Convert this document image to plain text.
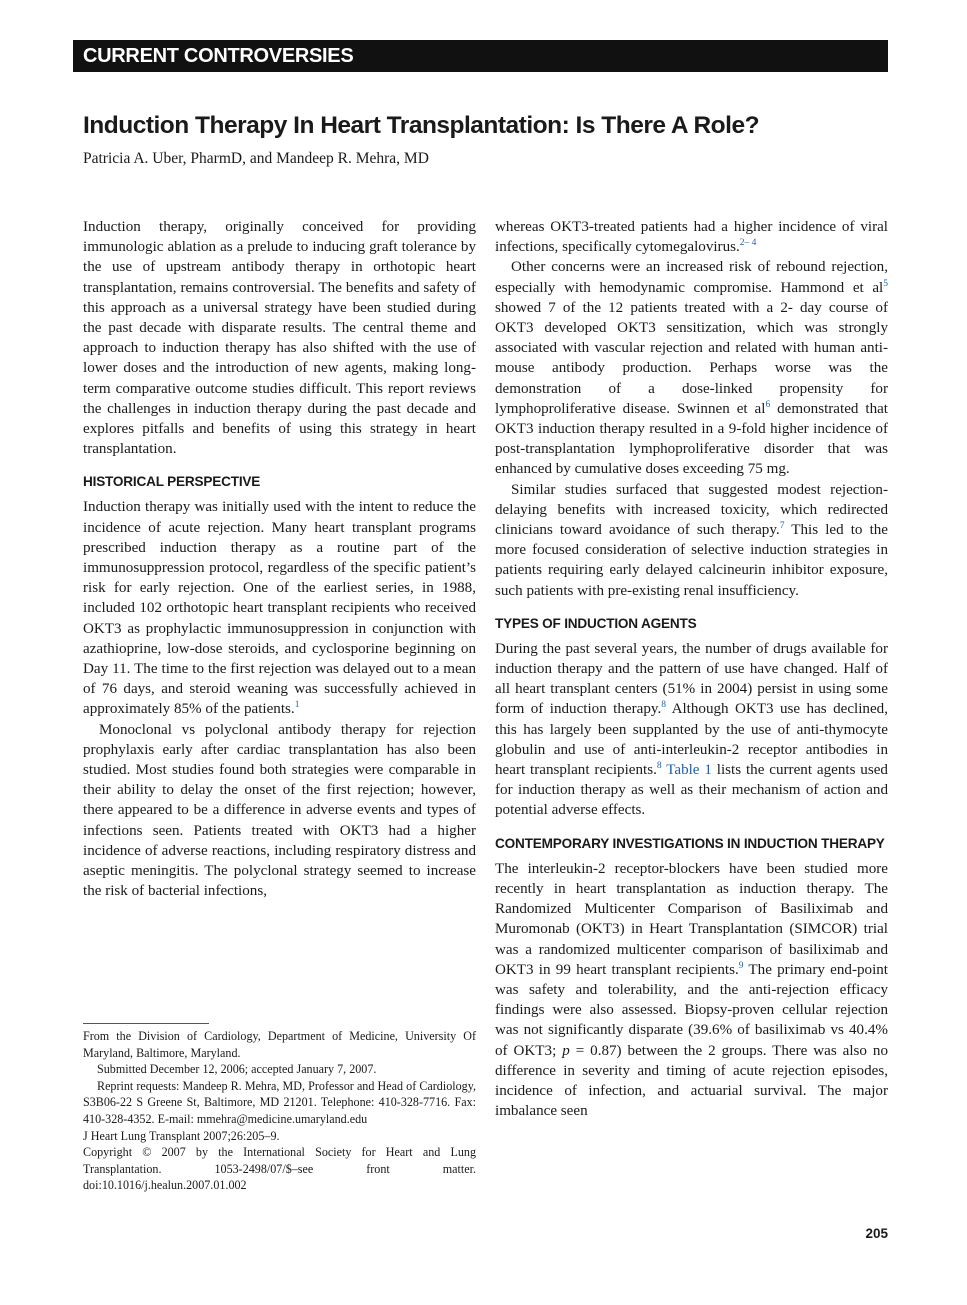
CURRENT CONTROVERSIES
Induction Therapy In Heart Transplantation: Is There A Role?

Patricia A. Uber, PharmD, and Mandeep R. Mehra, MD

Induction therapy, originally conceived for providing immunologic ablation as a prelude to inducing graft tolerance by the use of upstream antibody therapy in orthotopic heart transplantation, remains controversial. The benefits and safety of this approach as a universal strategy have been studied during the past decade with disparate results. The central theme and approach to induction therapy has also shifted with the use of lower doses and the introduction of new agents, making long-term comparative outcome studies difficult. This report reviews the challenges in induction therapy during the past decade and explores pitfalls and benefits of using this strategy in heart transplantation.

HISTORICAL PERSPECTIVE

Induction therapy was initially used with the intent to reduce the incidence of acute rejection. Many heart transplant programs prescribed induction therapy as a routine part of the immunosuppression protocol, regardless of the specific patient’s risk for early rejection. One of the earliest series, in 1988, included 102 orthotopic heart transplant recipients who received OKT3 as prophylactic immunosuppression in conjunction with azathioprine, low-dose steroids, and cyclosporine beginning on Day 11. The time to the first rejection was delayed out to a mean of 76 days, and steroid weaning was successfully achieved in approximately 85% of the patients.$^1$

Monoclonal vs polyclonal antibody therapy for rejection prophylaxis early after cardiac transplantation has also been studied. Most studies found both strategies were comparable in their ability to delay the onset of the first rejection; however, there appeared to be a difference in adverse events and types of infections seen. Patients treated with OKT3 had a higher incidence of adverse reactions, including respiratory distress and aseptic meningitis. The polyclonal strategy seemed to increase the risk of bacterial infections,

whereas OKT3-treated patients had a higher incidence of viral infections, specifically cytomegalovirus.$^{2- 4}$

Other concerns were an increased risk of rebound rejection, especially with hemodynamic compromise. Hammond et $al^5$ showed 7 of the 12 patients treated with a 2- day course of OKT3 developed OKT3 sensitization, which was strongly associated with vascular rejection and related with human anti-mouse antibody production. Perhaps worse was the demonstration of a dose-linked propensity for lymphoproliferative disease. Swinnen et $al^6$ demonstrated that OKT3 induction therapy resulted in a 9-fold higher incidence of post-transplantation lymphoproliferative disorder that was enhanced by cumulative doses exceeding 75 mg.

Similar studies surfaced that suggested modest rejection-delaying benefits with increased toxicity, which redirected clinicians toward avoidance of such therapy.$^7$ This led to the more focused consideration of selective induction strategies in patients requiring early delayed calcineurin inhibitor exposure, such patients with pre-existing renal insufficiency.

TYPES OF INDUCTION AGENTS

During the past several years, the number of drugs available for induction therapy and the pattern of use have changed. Half of all heart transplant centers (51% in 2004) persist in using some form of induction therapy.$^8$ Although OKT3 use has declined, this has largely been supplanted by the use of anti-thymocyte globulin and use of anti-interleukin-2 receptor antibodies in heart transplant recipients.$^8$ Table 1 lists the current agents used for induction therapy as well as their mechanism of action and potential adverse effects.

CONTEMPORARY INVESTIGATIONS IN INDUCTION THERAPY

The interleukin-2 receptor-blockers have been studied more recently in heart transplantation as induction therapy. The Randomized Multicenter Comparison of Basiliximab and Muromonab (OKT3) in Heart Transplantation (SIMCOR) trial was a randomized multicenter comparison of basiliximab and OKT3 in 99 heart transplant recipients.$^9$ The primary end-point was safety and tolerability, and the anti-rejection efficacy findings were also assessed. Biopsy-proven cellular rejection was not significantly disparate (39.6% of basiliximab vs 40.4% of OKT3; p = 0.87) between the 2 groups. There was also no difference in severity and timing of acute rejection episodes, incidence of infection, and actuarial survival. The major imbalance seen

From the Division of Cardiology, Department of Medicine, University Of Maryland, Baltimore, Maryland.

Submitted December 12, 2006; accepted January 7, 2007.

Reprint requests: Mandeep R. Mehra, MD, Professor and Head of Cardiology, S3B06-22 S Greene St, Baltimore, MD 21201. Telephone: 410-328-7716. Fax: 410-328-4352. E-mail: mmehra@medicine.umaryland.edu

J Heart Lung Transplant 2007;26:205–9.

Copyright © 2007 by the International Society for Heart and Lung Transplantation. 1053-2498/07/$–see front matter. doi:10.1016/j.healun.2007.01.002

205
